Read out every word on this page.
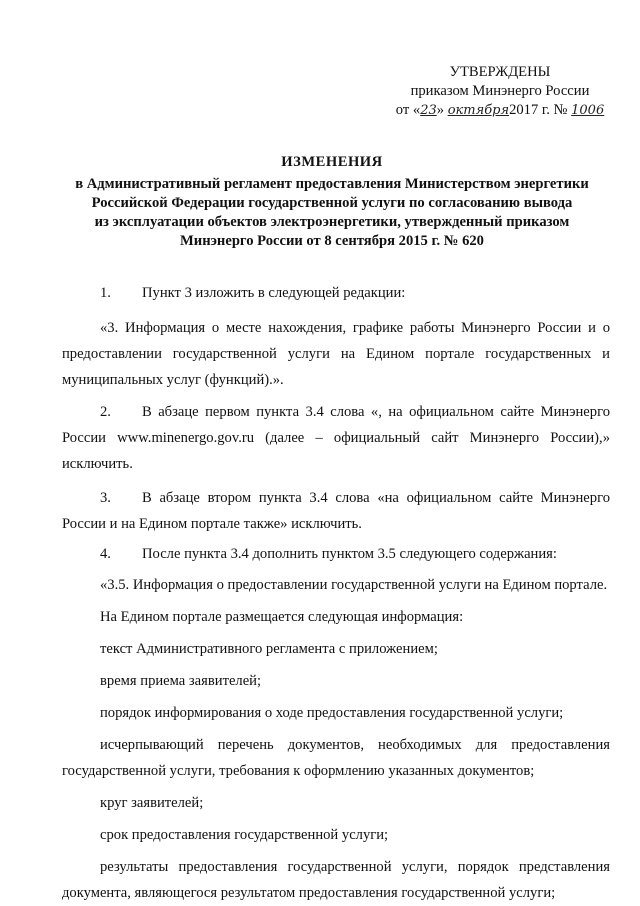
УТВЕРЖДЕНЫ
приказом Минэнерго России
от «23» октября2017 г. № 1006
ИЗМЕНЕНИЯ
в Административный регламент предоставления Министерством энергетики
Российской Федерации государственной услуги по согласованию вывода
из эксплуатации объектов электроэнергетики, утвержденный приказом
Минэнерго России от 8 сентября 2015 г. № 620
1.	Пункт 3 изложить в следующей редакции:
«3. Информация о месте нахождения, графике работы Минэнерго России и о предоставлении государственной услуги на Едином портале государственных и муниципальных услуг (функций).».
2. В абзаце первом пункта 3.4 слова «, на официальном сайте Минэнерго России www.minenergo.gov.ru (далее – официальный сайт Минэнерго России),» исключить.
3. В абзаце втором пункта 3.4 слова «на официальном сайте Минэнерго России и на Едином портале также» исключить.
4.	После пункта 3.4 дополнить пунктом 3.5 следующего содержания:
«3.5. Информация о предоставлении государственной услуги на Едином портале.
На Едином портале размещается следующая информация:
текст Административного регламента с приложением;
время приема заявителей;
порядок информирования о ходе предоставления государственной услуги;
исчерпывающий перечень документов, необходимых для предоставления государственной услуги, требования к оформлению указанных документов;
круг заявителей;
срок предоставления государственной услуги;
результаты предоставления государственной услуги, порядок представления документа, являющегося результатом предоставления государственной услуги;
